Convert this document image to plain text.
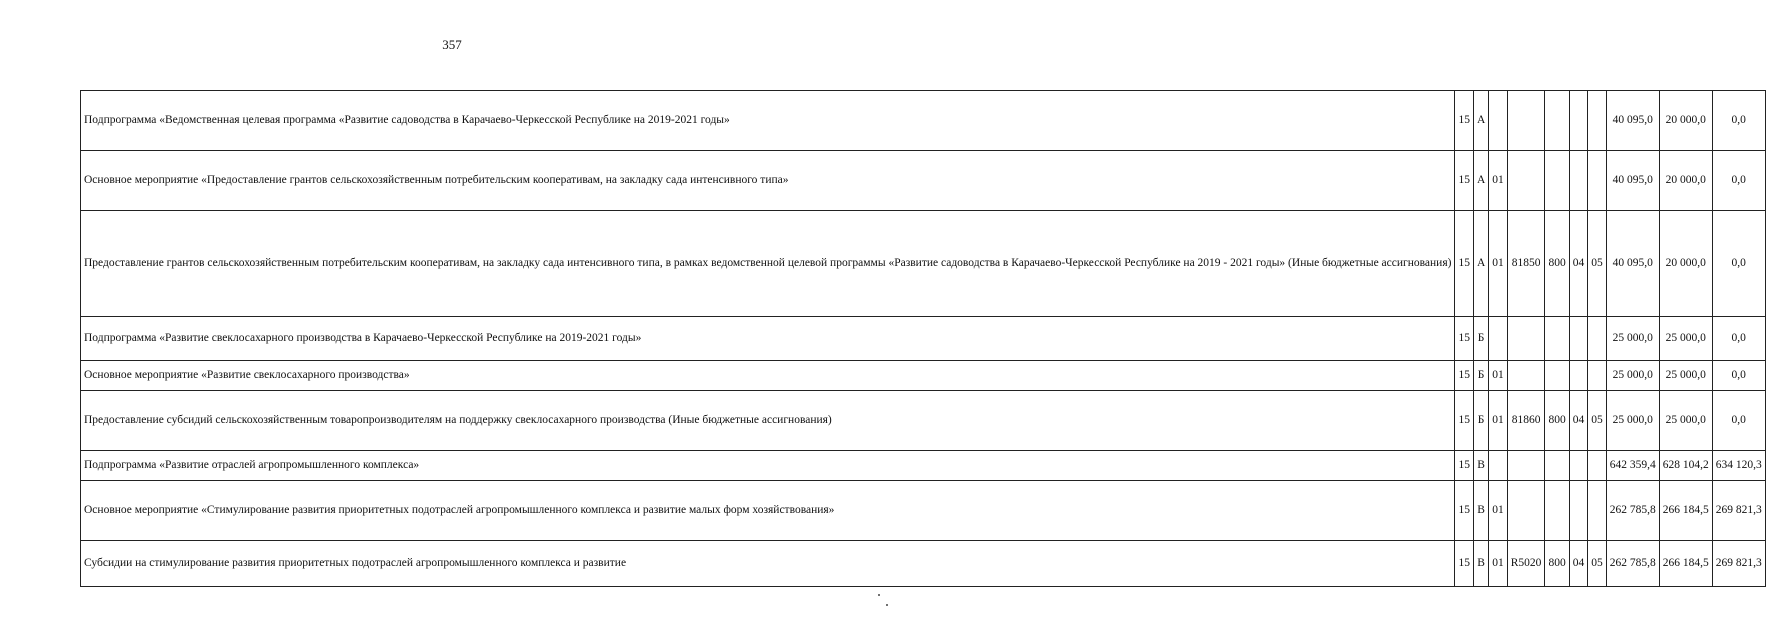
357
Подпрограмма «Ведомственная целевая программа «Развитие садоводства в Карачаево-Черкесской Республике на 2019-2021 годы»	15	А						40 095,0	20 000,0	0,0
Основное мероприятие «Предоставление грантов сельскохозяйственным потребительским кооперативам, на закладку сада интенсивного типа»	15	А	01					40 095,0	20 000,0	0,0
Предоставление грантов сельскохозяйственным потребительским кооперативам, на закладку сада интенсивного типа, в рамках ведомственной целевой программы «Развитие садоводства в Карачаево-Черкесской Республике на 2019 - 2021 годы» (Иные бюджетные ассигнования)	15	А	01	81850	800	04	05	40 095,0	20 000,0	0,0
Подпрограмма «Развитие свеклосахарного производства в Карачаево-Черкесской Республике на 2019-2021 годы»	15	Б						25 000,0	25 000,0	0,0
Основное мероприятие «Развитие свеклосахарного производства»	15	Б	01					25 000,0	25 000,0	0,0
Предоставление субсидий сельскохозяйственным товаропроизводителям на поддержку свеклосахарного производства (Иные бюджетные ассигнования)	15	Б	01	81860	800	04	05	25 000,0	25 000,0	0,0
Подпрограмма «Развитие отраслей агропромышленного комплекса»	15	В						642 359,4	628 104,2	634 120,3
Основное мероприятие «Стимулирование развития приоритетных подотраслей агропромышленного комплекса и развитие малых форм хозяйствования»	15	В	01					262 785,8	266 184,5	269 821,3
Субсидии на стимулирование развития приоритетных подотраслей агропромышленного комплекса и развитие	15	В	01	R5020	800	04	05	262 785,8	266 184,5	269 821,3
